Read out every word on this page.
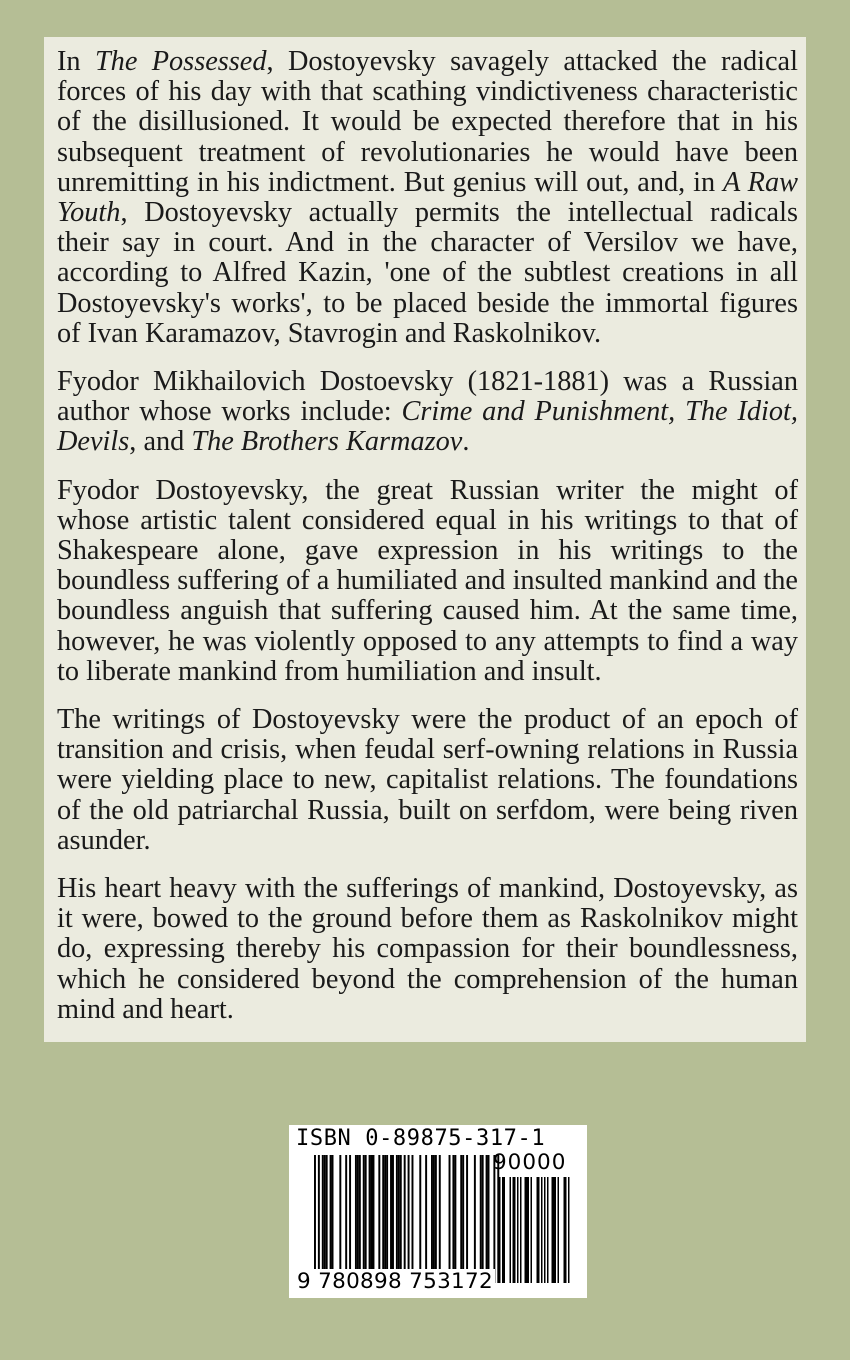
In The Possessed, Dostoyevsky savagely attacked the radical forces of his day with that scathing vindictiveness characteristic of the disillusioned. It would be expected therefore that in his subsequent treatment of revolutionaries he would have been unremitting in his indictment. But genius will out, and, in A Raw Youth, Dostoyevsky actually permits the intellectual radicals their say in court. And in the character of Versilov we have, according to Alfred Kazin, 'one of the subtlest creations in all Dostoyevsky's works', to be placed beside the immortal figures of Ivan Karamazov, Stavrogin and Raskolnikov.

Fyodor Mikhailovich Dostoevsky (1821-1881) was a Russian author whose works include: Crime and Punishment, The Idiot, Devils, and The Brothers Karmazov.

Fyodor Dostoyevsky, the great Russian writer the might of whose artistic talent considered equal in his writings to that of Shakespeare alone, gave expression in his writings to the boundless suffering of a humiliated and insulted mankind and the boundless anguish that suffering caused him. At the same time, however, he was violently opposed to any attempts to find a way to liberate mankind from humiliation and insult.

The writings of Dostoyevsky were the product of an epoch of transition and crisis, when feudal serf-owning relations in Russia were yielding place to new, capitalist relations. The foundations of the old patriarchal Russia, built on serfdom, were being riven asunder.

His heart heavy with the sufferings of mankind, Dostoyevsky, as it were, bowed to the ground before them as Raskolnikov might do, expressing thereby his compassion for their boundlessness, which he considered beyond the comprehension of the human mind and heart.

ISBN 0-89875-317-1
90000
9 780898 753172
